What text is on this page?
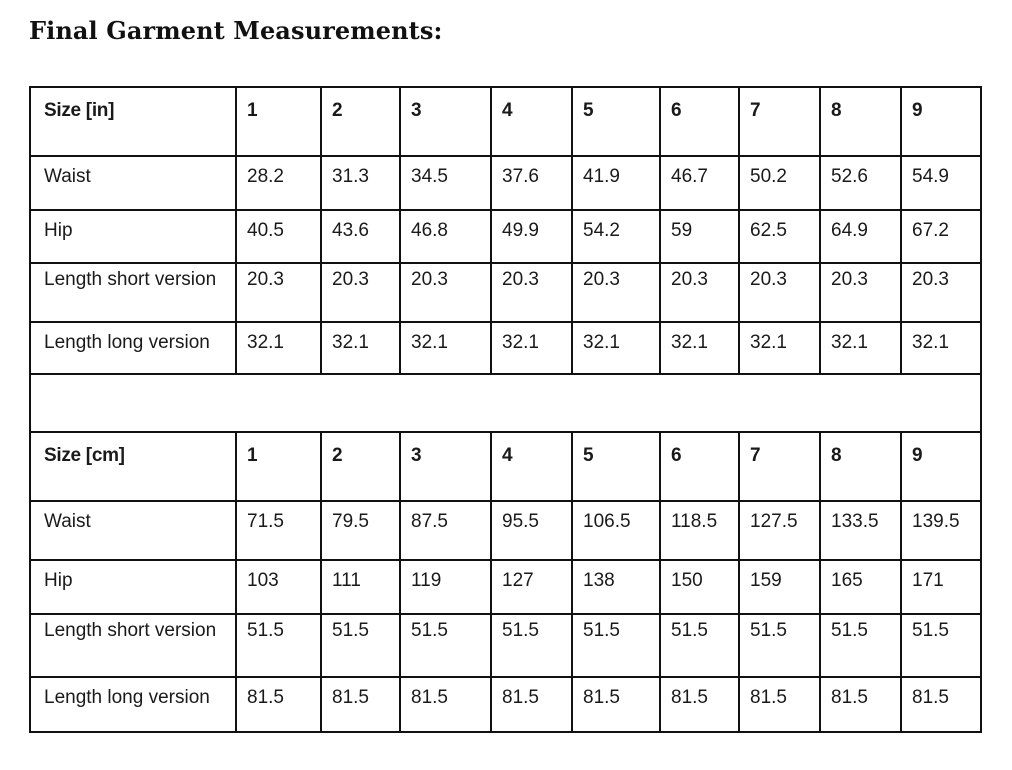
Final Garment Measurements:
Size [in]	1	2	3	4	5	6	7	8	9
Waist	28.2	31.3	34.5	37.6	41.9	46.7	50.2	52.6	54.9
Hip	40.5	43.6	46.8	49.9	54.2	59	62.5	64.9	67.2
Length short version	20.3	20.3	20.3	20.3	20.3	20.3	20.3	20.3	20.3
Length long version	32.1	32.1	32.1	32.1	32.1	32.1	32.1	32.1	32.1

Size [cm]	1	2	3	4	5	6	7	8	9
Waist	71.5	79.5	87.5	95.5	106.5	118.5	127.5	133.5	139.5
Hip	103	111	119	127	138	150	159	165	171
Length short version	51.5	51.5	51.5	51.5	51.5	51.5	51.5	51.5	51.5
Length long version	81.5	81.5	81.5	81.5	81.5	81.5	81.5	81.5	81.5
